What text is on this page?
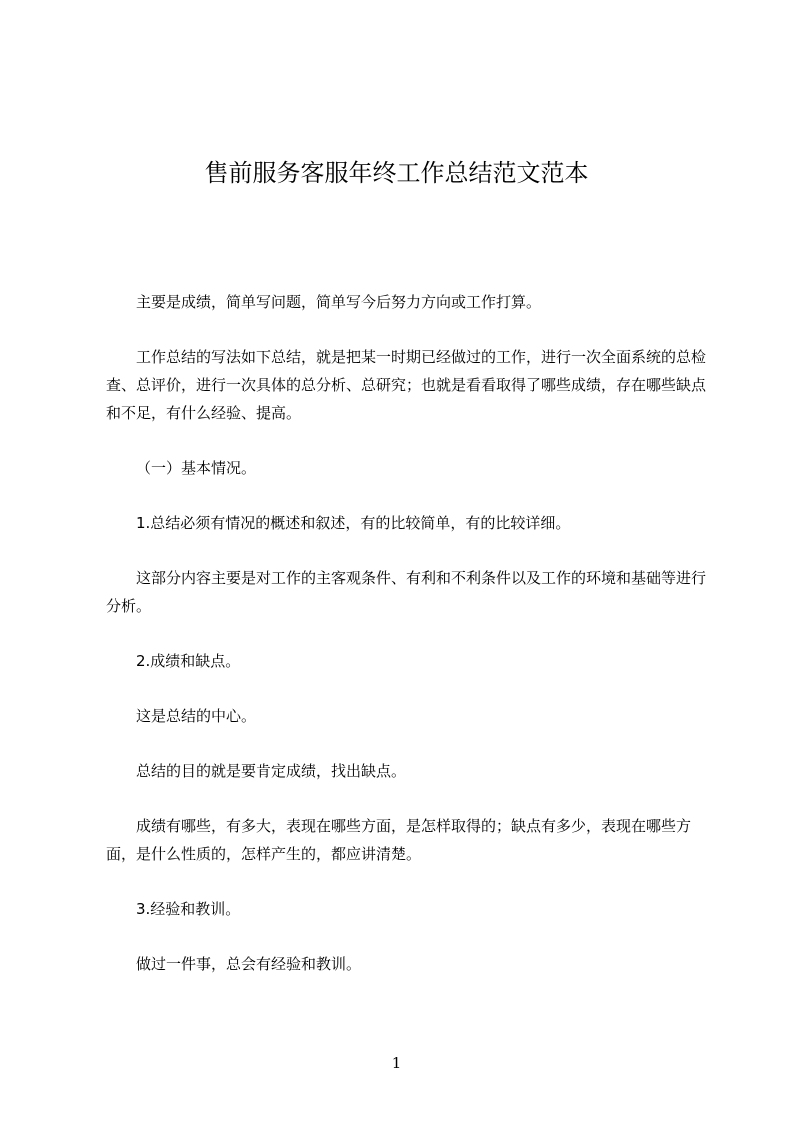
售前服务客服年终工作总结范文范本

主要是成绩，简单写问题，简单写今后努力方向或工作打算。

工作总结的写法如下总结，就是把某一时期已经做过的工作，进行一次全面系统的总检查、总评价，进行一次具体的总分析、总研究；也就是看看取得了哪些成绩，存在哪些缺点和不足，有什么经验、提高。

（一）基本情况。

1.总结必须有情况的概述和叙述，有的比较简单，有的比较详细。

这部分内容主要是对工作的主客观条件、有利和不利条件以及工作的环境和基础等进行分析。

2.成绩和缺点。

这是总结的中心。

总结的目的就是要肯定成绩，找出缺点。

成绩有哪些，有多大，表现在哪些方面，是怎样取得的；缺点有多少，表现在哪些方面，是什么性质的，怎样产生的，都应讲清楚。

3.经验和教训。

做过一件事，总会有经验和教训。

1
